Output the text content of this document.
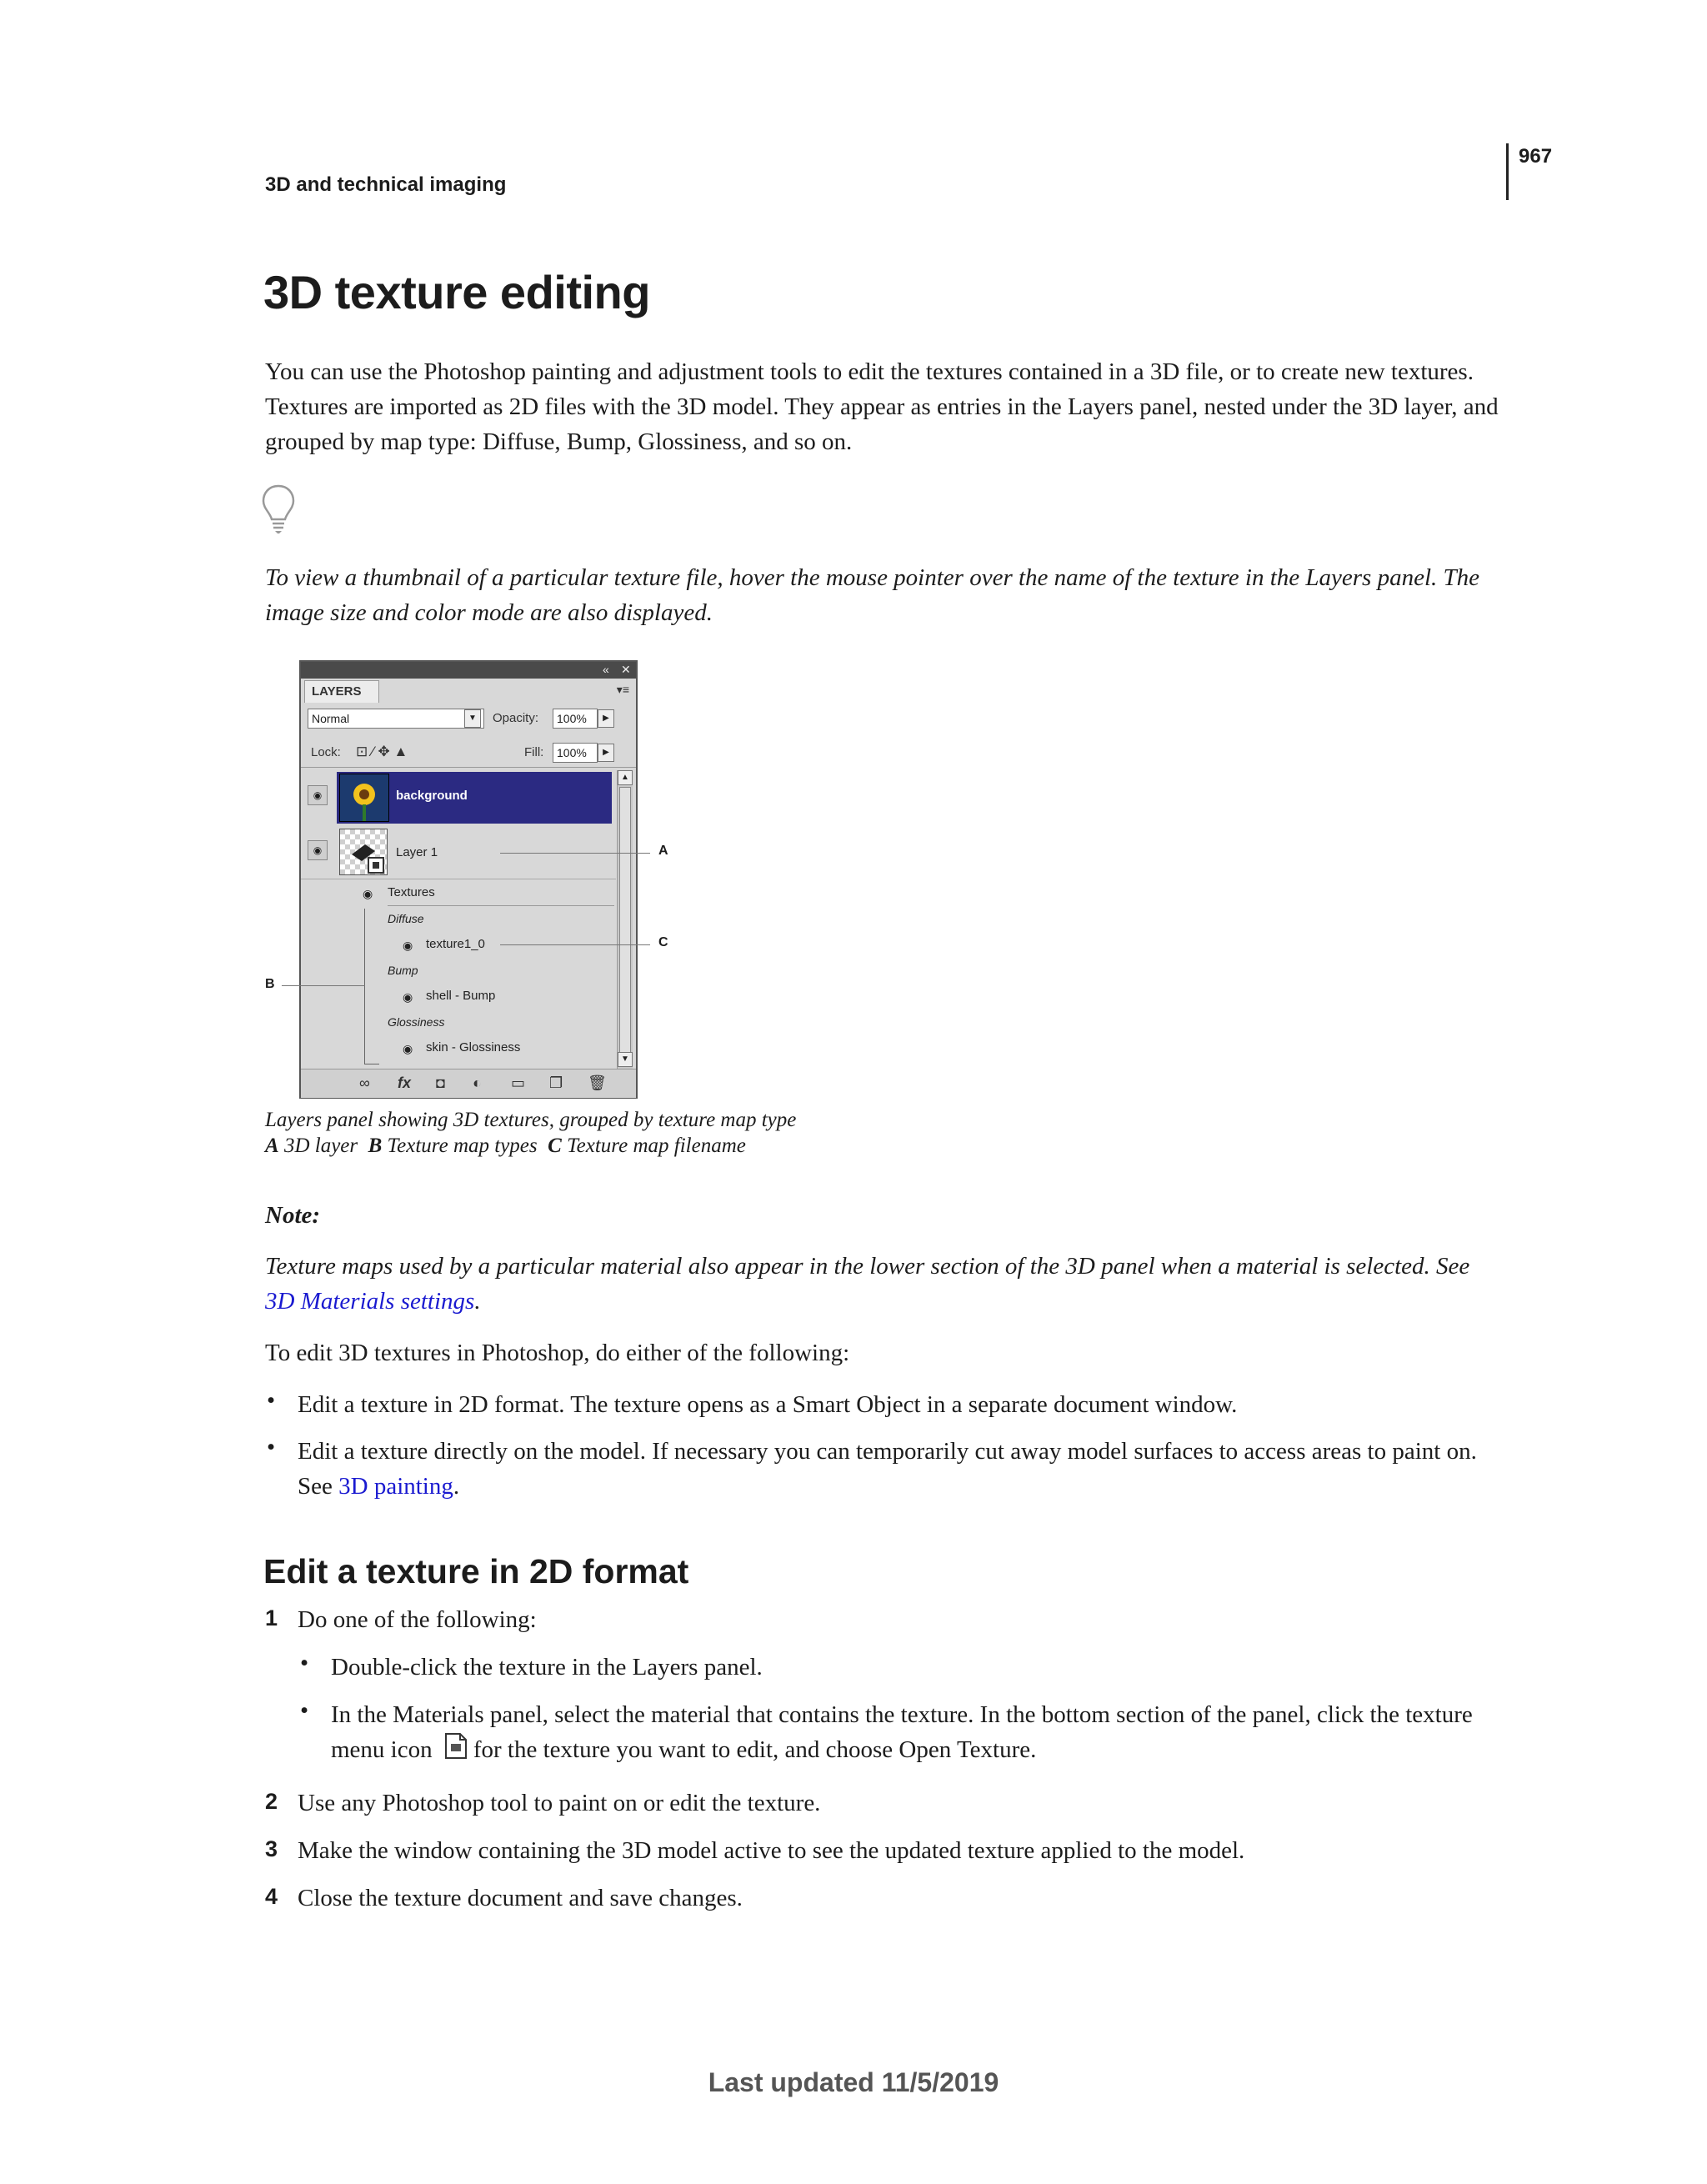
3D and technical imaging
967
3D texture editing
You can use the Photoshop painting and adjustment tools to edit the textures contained in a 3D file, or to create new textures. Textures are imported as 2D files with the 3D model. They appear as entries in the Layers panel, nested under the 3D layer, and grouped by map type: Diffuse, Bump, Glossiness, and so on.
To view a thumbnail of a particular texture file, hover the mouse pointer over the name of the texture in the Layers panel. The image size and color mode are also displayed.
« ✕
LAYERS	▾≡
Normal	▼	Opacity:	100%	▶
Lock: ⊡ ⁄ ✥ ▲	Fill:	100%	▶
◉	background
◉	Layer 1
◉ Textures
Diffuse
◉ texture1_0
Bump
◉ shell - Bump
Glossiness
◉ skin - Glossiness
▲
▼
∞ fx ◘ ◐ ▭ ❐ 🗑
A
C
B
Layers panel showing 3D textures, grouped by texture map type
A 3D layer B Texture map types C Texture map filename
Note:
Texture maps used by a particular material also appear in the lower section of the 3D panel when a material is selected. See 3D Materials settings.
To edit 3D textures in Photoshop, do either of the following:
• Edit a texture in 2D format. The texture opens as a Smart Object in a separate document window.
• Edit a texture directly on the model. If necessary you can temporarily cut away model surfaces to access areas to paint on. See 3D painting.
Edit a texture in 2D format
1 Do one of the following:
• Double-click the texture in the Layers panel.
• In the Materials panel, select the material that contains the texture. In the bottom section of the panel, click the texture menu icon for the texture you want to edit, and choose Open Texture.
2 Use any Photoshop tool to paint on or edit the texture.
3 Make the window containing the 3D model active to see the updated texture applied to the model.
4 Close the texture document and save changes.
Last updated 11/5/2019
